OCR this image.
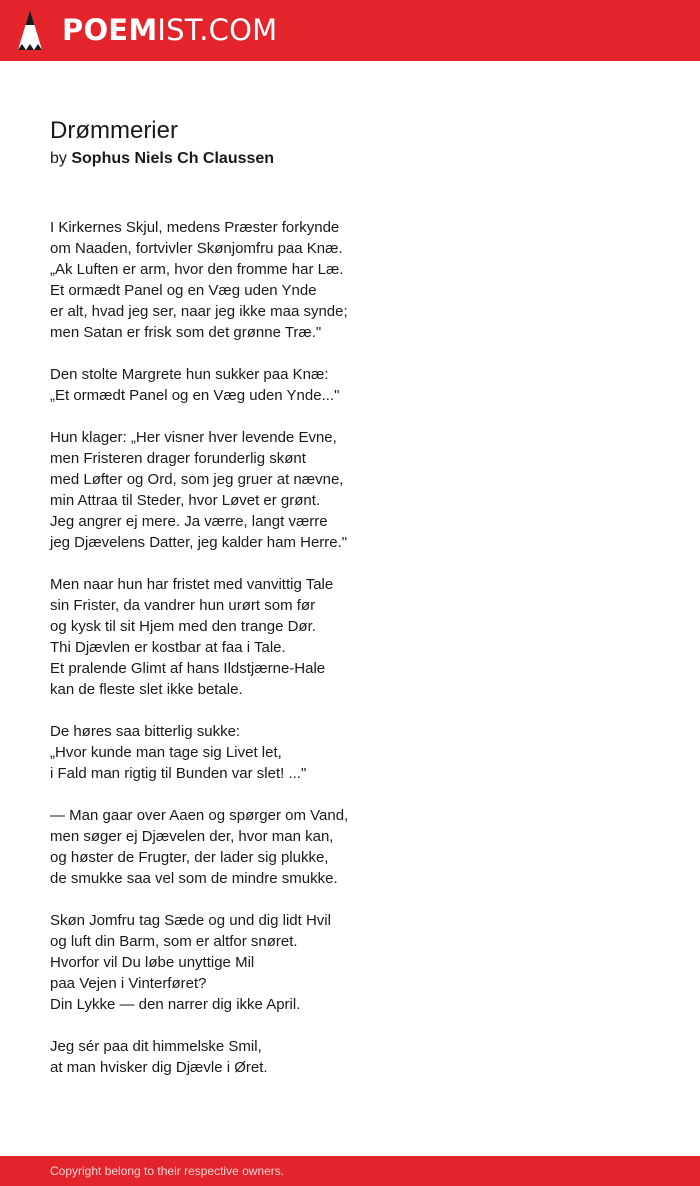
POEMIST.COM
Drømmerier
by Sophus Niels Ch Claussen
I Kirkernes Skjul, medens Præster forkynde
om Naaden, fortvivler Skønjomfru paa Knæ.
„Ak Luften er arm, hvor den fromme har Læ.
Et ormædt Panel og en Væg uden Ynde
er alt, hvad jeg ser, naar jeg ikke maa synde;
men Satan er frisk som det grønne Træ."
Den stolte Margrete hun sukker paa Knæ:
„Et ormædt Panel og en Væg uden Ynde..."
Hun klager: „Her visner hver levende Evne,
men Fristeren drager forunderlig skønt
med Løfter og Ord, som jeg gruer at nævne,
min Attraa til Steder, hvor Løvet er grønt.
Jeg angrer ej mere. Ja værre, langt værre
jeg Djævelens Datter, jeg kalder ham Herre."
Men naar hun har fristet med vanvittig Tale
sin Frister, da vandrer hun urørt som før
og kysk til sit Hjem med den trange Dør.
Thi Djævlen er kostbar at faa i Tale.
Et pralende Glimt af hans Ildstjærne-Hale
kan de fleste slet ikke betale.
De høres saa bitterlig sukke:
„Hvor kunde man tage sig Livet let,
i Fald man rigtig til Bunden var slet! ..."
— Man gaar over Aaen og spørger om Vand,
men søger ej Djævelen der, hvor man kan,
og høster de Frugter, der lader sig plukke,
de smukke saa vel som de mindre smukke.
Skøn Jomfru tag Sæde og und dig lidt Hvil
og luft din Barm, som er altfor snøret.
Hvorfor vil Du løbe unyttige Mil
paa Vejen i Vinterføret?
Din Lykke — den narrer dig ikke April.
Jeg sér paa dit himmelske Smil,
at man hvisker dig Djævle i Øret.
Copyright belong to their respective owners.
